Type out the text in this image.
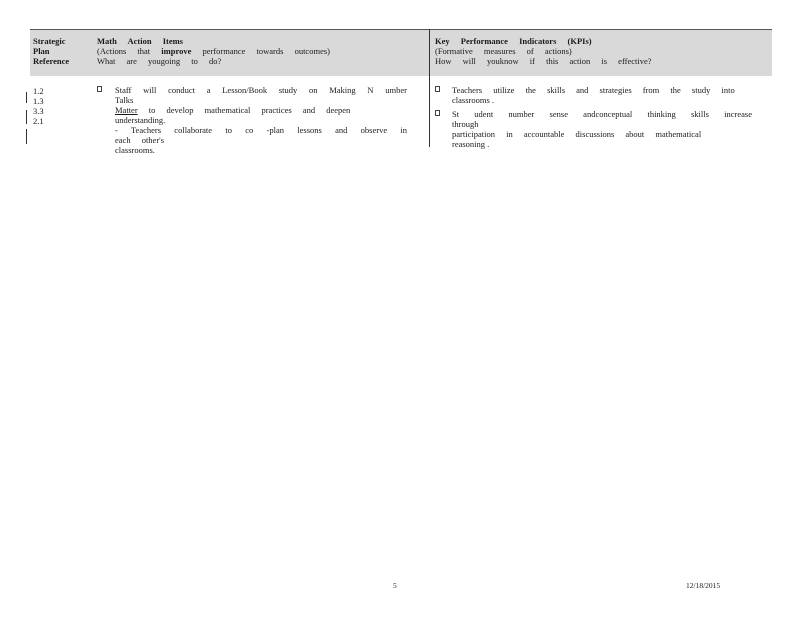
Strategic
Plan
Reference
Math Action Items
(Actions that improve performance towards outcomes)
What are yougoing to do?
Key Performance Indicators (KPIs)
(Formative measures of actions)
How will youknow if this action is effective?
1.2
1.3
3.3
2.1
Staff will conduct a Lesson/Book study on Making N umber Talks
Matter to develop mathematical practices and deepen
understanding.
- Teachers collaborate to co -plan lessons and observe in each other's
classrooms.
Teachers utilize the skills and strategies from the study into
classrooms .
St udent number sense andconceptual thinking skills increase through
participation in accountable discussions about mathematical
reasoning .
5	12/18/2015
